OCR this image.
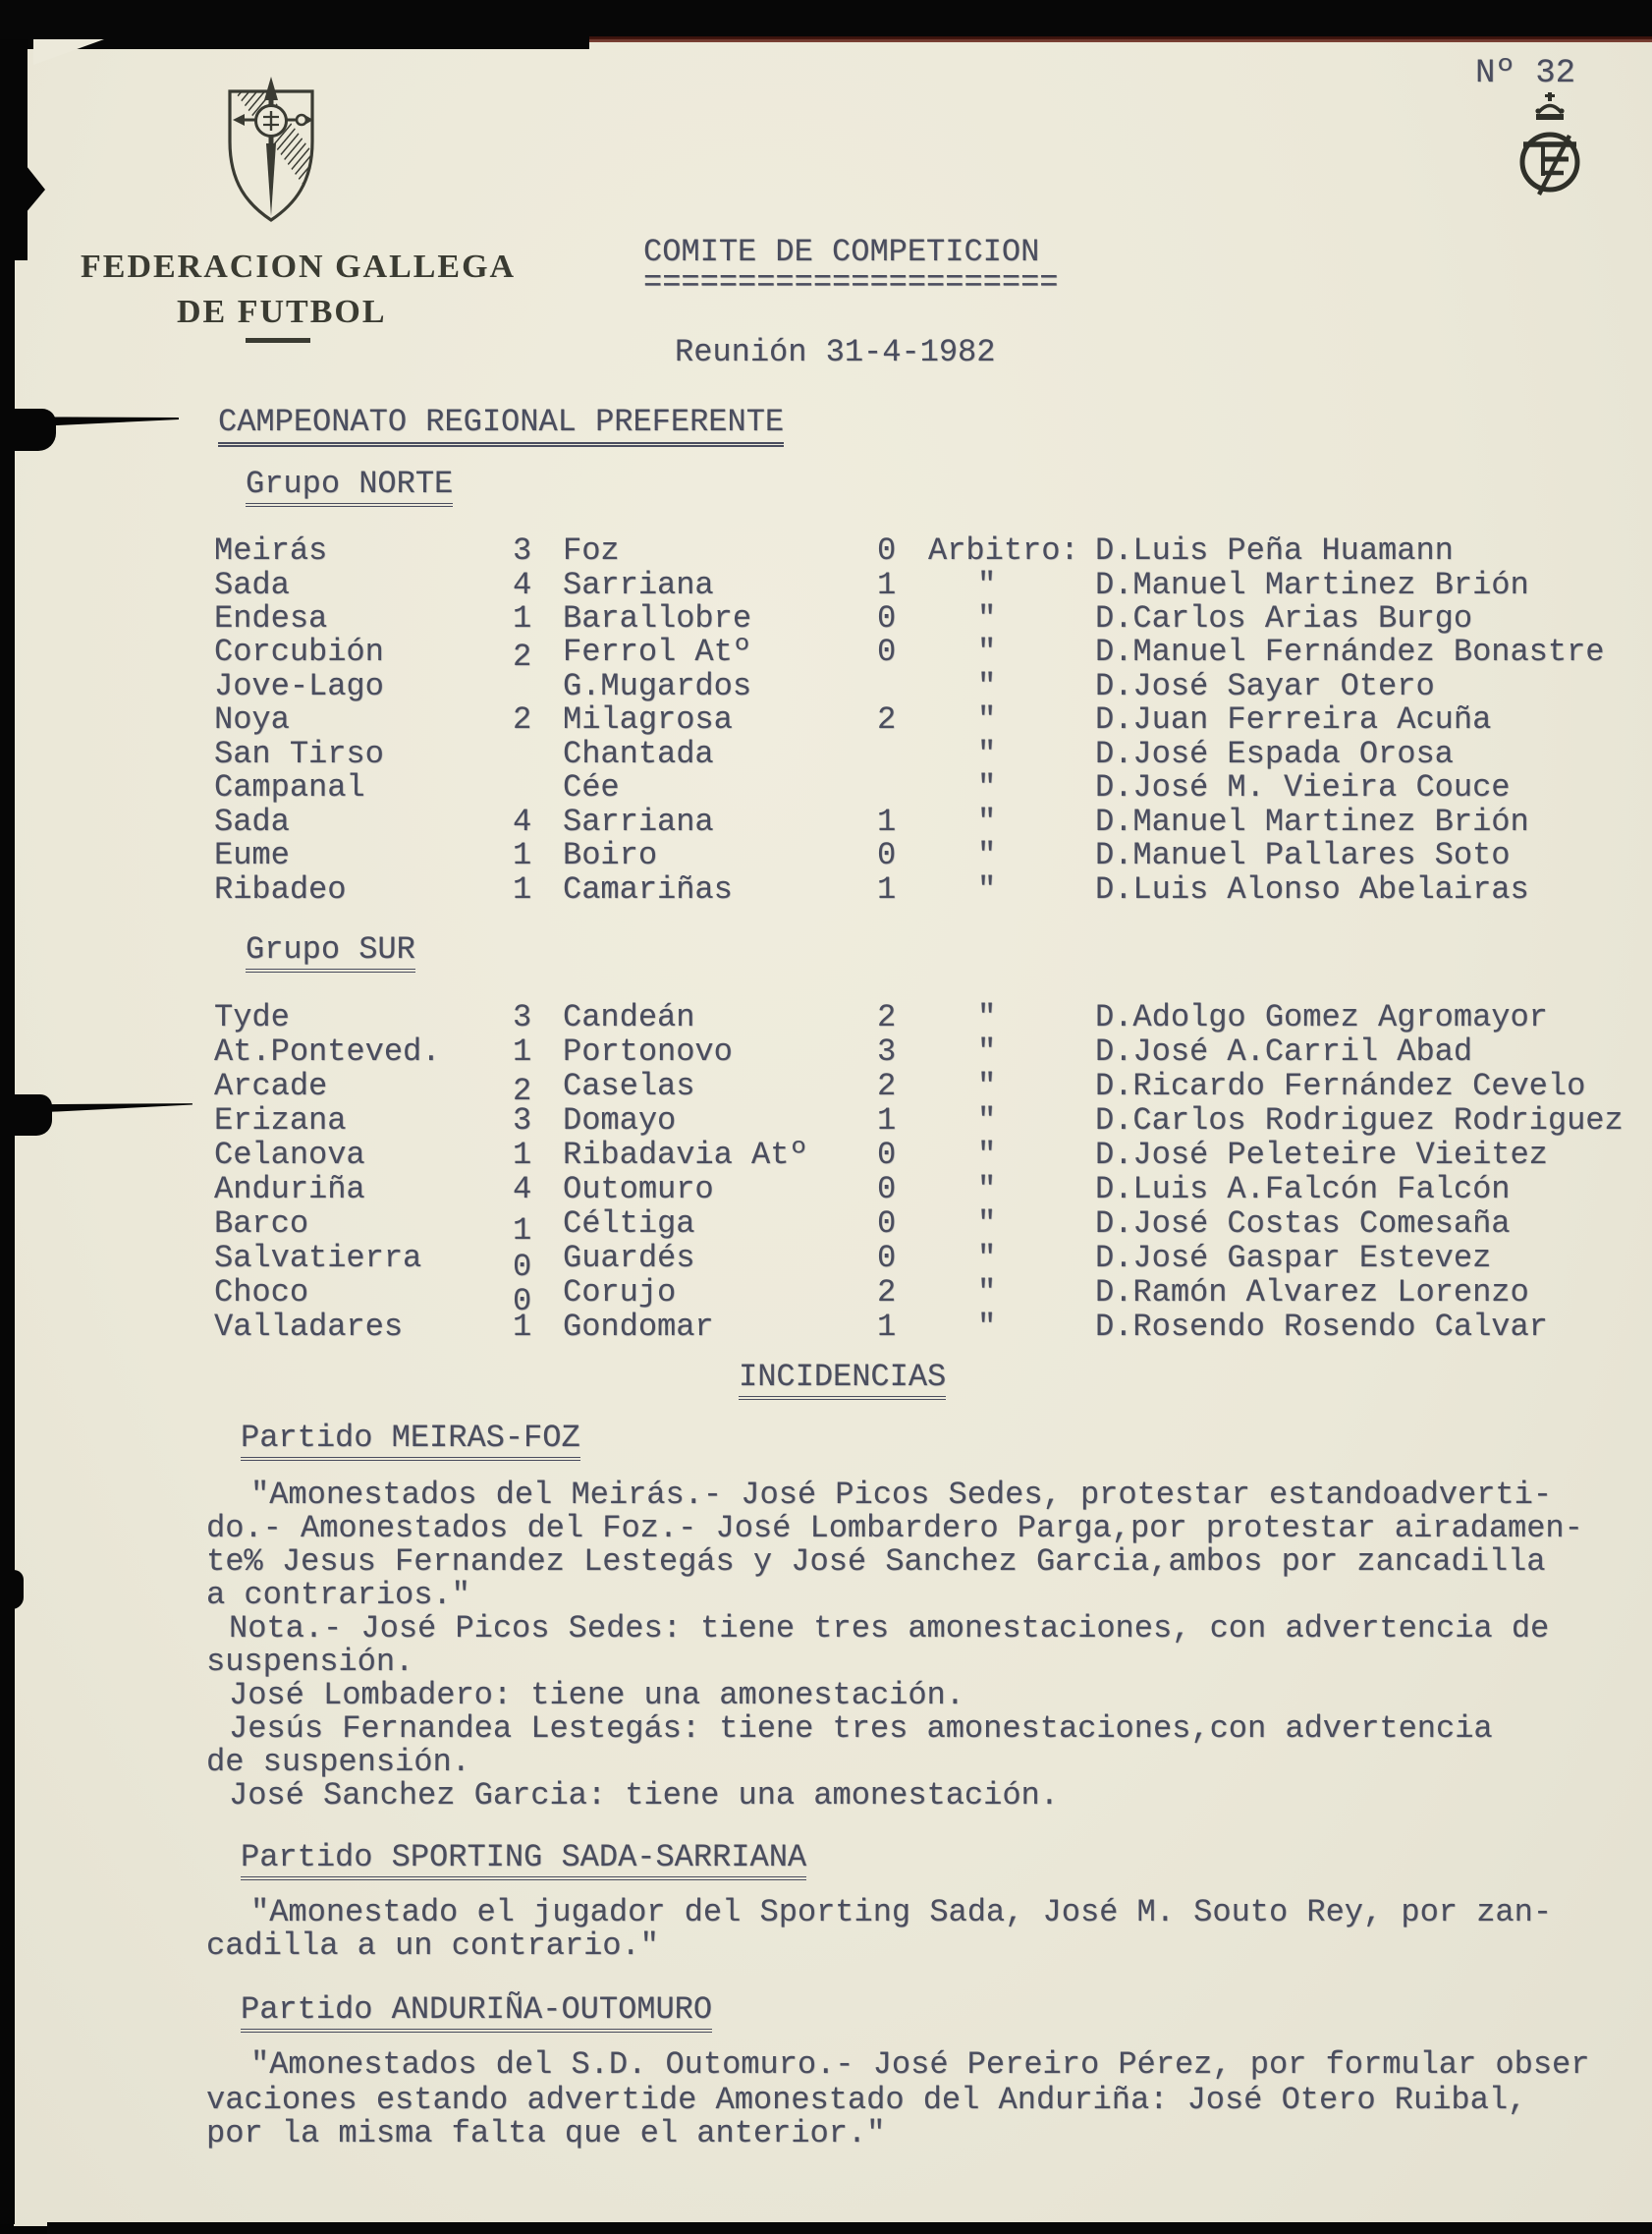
Nº 32
FEDERACION GALLEGA
DE FUTBOL
COMITE DE COMPETICION
======================
Reunión 31-4-1982
CAMPEONATO REGIONAL PREFERENTE
Grupo NORTE
Meirás	3 Foz	0 Arbitro: D.Luis Peña Huamann
Sada	4 Sarriana	1	"	D.Manuel Martinez Brión
Endesa	1 Barallobre	0	"	D.Carlos Arias Burgo
Corcubión	2 Ferrol Atº	0	"	D.Manuel Fernández Bonastre
Jove-Lago	G.Mugardos	"	D.José Sayar Otero
Noya	2 Milagrosa	2	"	D.Juan Ferreira Acuña
San Tirso	Chantada	"	D.José Espada Orosa
Campanal	Cée	"	D.José M. Vieira Couce
Sada	4 Sarriana	1	"	D.Manuel Martinez Brión
Eume	1 Boiro	0	"	D.Manuel Pallares Soto
Ribadeo	1 Camariñas	1	"	D.Luis Alonso Abelairas
Grupo SUR
Tyde	3 Candeán	2	"	D.Adolgo Gomez Agromayor
At.Ponteved. 1 Portonovo	3	"	D.José A.Carril Abad
Arcade	2 Caselas	2	"	D.Ricardo Fernández Cevelo
Erizana	3 Domayo	1	"	D.Carlos Rodriguez Rodriguez
Celanova	1 Ribadavia Atº 0	"	D.José Peleteire Vieitez
Anduriña	4 Outomuro	0	"	D.Luis A.Falcón Falcón
Barco	1 Céltiga	0	"	D.José Costas Comesaña
Salvatierra	0 Guardés	0	"	D.José Gaspar Estevez
Choco	0 Corujo	2	"	D.Ramón Alvarez Lorenzo
Valladares	1 Gondomar	1	"	D.Rosendo Rosendo Calvar
INCIDENCIAS
Partido MEIRAS-FOZ
"Amonestados del Meirás.- José Picos Sedes, protestar estandoadverti-
do.- Amonestados del Foz.- José Lombardero Parga,por protestar airadamen-
te% Jesus Fernandez Lestegás y José Sanchez Garcia,ambos por zancadilla
a contrarios."
Nota.- José Picos Sedes: tiene tres amonestaciones, con advertencia de
suspensión.
José Lombadero: tiene una amonestación.
Jesús Fernandea Lestegás: tiene tres amonestaciones,con advertencia
de suspensión.
José Sanchez Garcia: tiene una amonestación.
Partido SPORTING SADA-SARRIANA
"Amonestado el jugador del Sporting Sada, José M. Souto Rey, por zan-
cadilla a un contrario."
Partido ANDURIÑA-OUTOMURO
"Amonestados del S.D. Outomuro.- José Pereiro Pérez, por formular obser
vaciones estando advertide Amonestado del Anduriña: José Otero Ruibal,
por la misma falta que el anterior."
